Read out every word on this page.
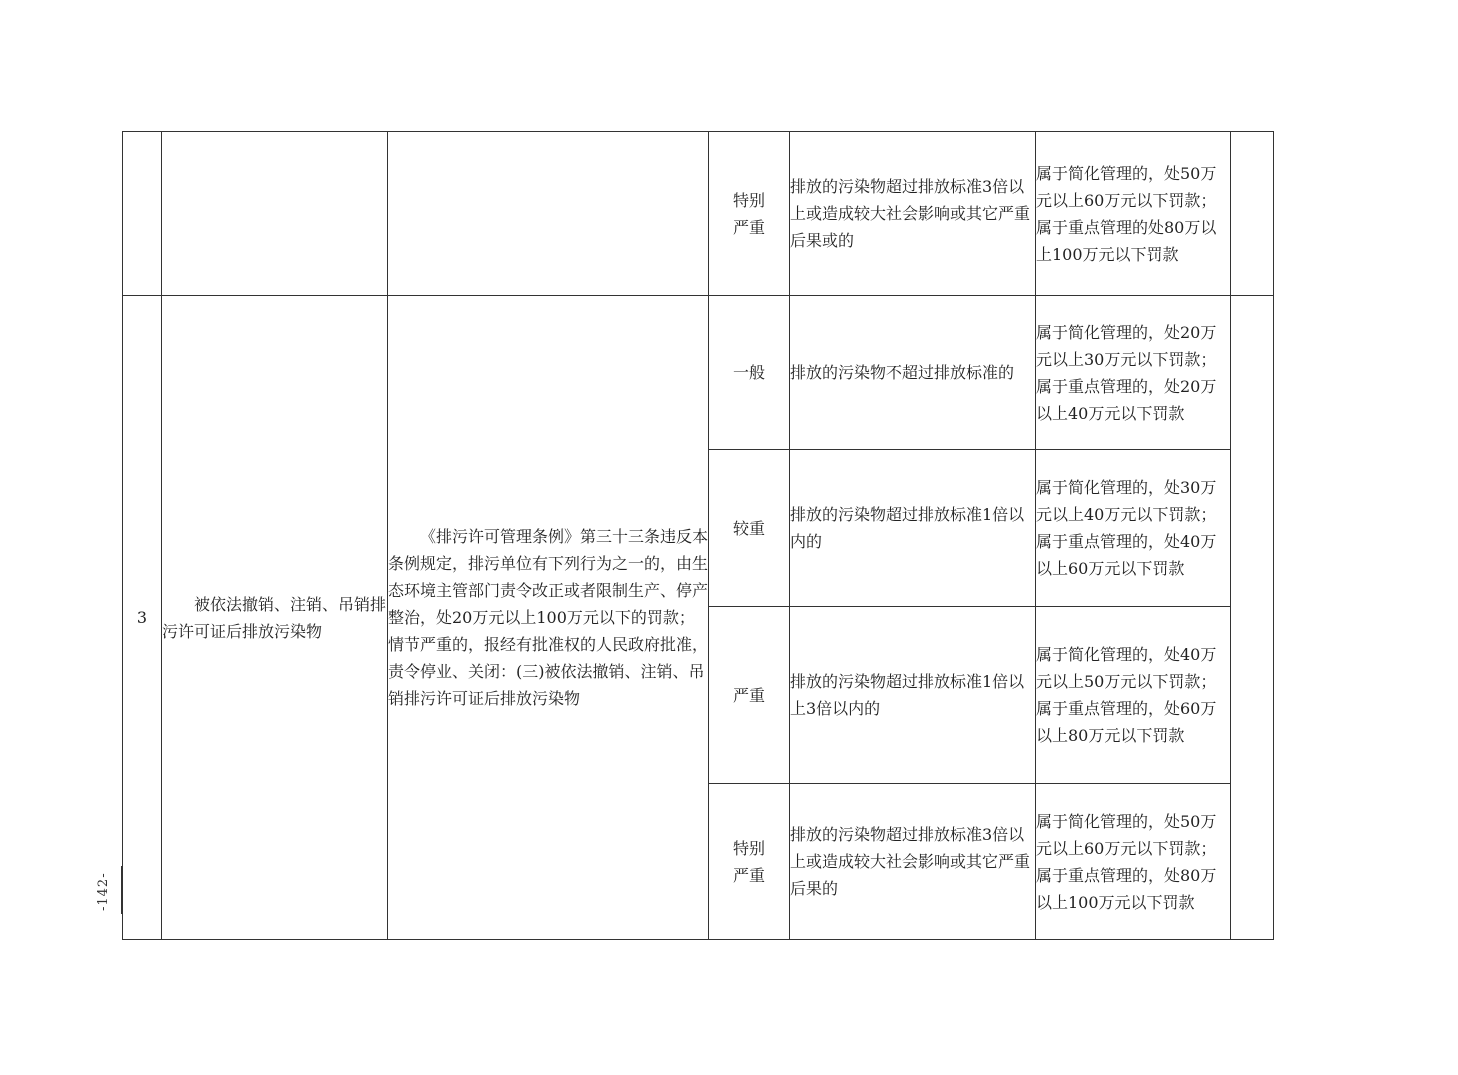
			特别严重	排放的污染物超过排放标准3倍以上或造成较大社会影响或其它严重后果或的	属于简化管理的，处50万元以上60万元以下罚款；属于重点管理的处80万以上100万元以下罚款	
3	被依法撤销、注销、吊销排污许可证后排放污染物	《排污许可管理条例》第三十三条违反本条例规定，排污单位有下列行为之一的，由生态环境主管部门责令改正或者限制生产、停产整治，处20万元以上100万元以下的罚款；情节严重的，报经有批准权的人民政府批准，责令停业、关闭：(三)被依法撤销、注销、吊销排污许可证后排放污染物	一般	排放的污染物不超过排放标准的	属于简化管理的，处20万元以上30万元以下罚款；属于重点管理的，处20万以上40万元以下罚款	
			较重	排放的污染物超过排放标准1倍以内的	属于简化管理的，处30万元以上40万元以下罚款；属于重点管理的，处40万以上60万元以下罚款	
			严重	排放的污染物超过排放标准1倍以上3倍以内的	属于简化管理的，处40万元以上50万元以下罚款；属于重点管理的，处60万以上80万元以下罚款	

			特别严重	排放的污染物超过排放标准3倍以上或造成较大社会影响或其它严重后果的	属于简化管理的，处50万元以上60万元以下罚款；属于重点管理的，处80万以上100万元以下罚款	
-142-
